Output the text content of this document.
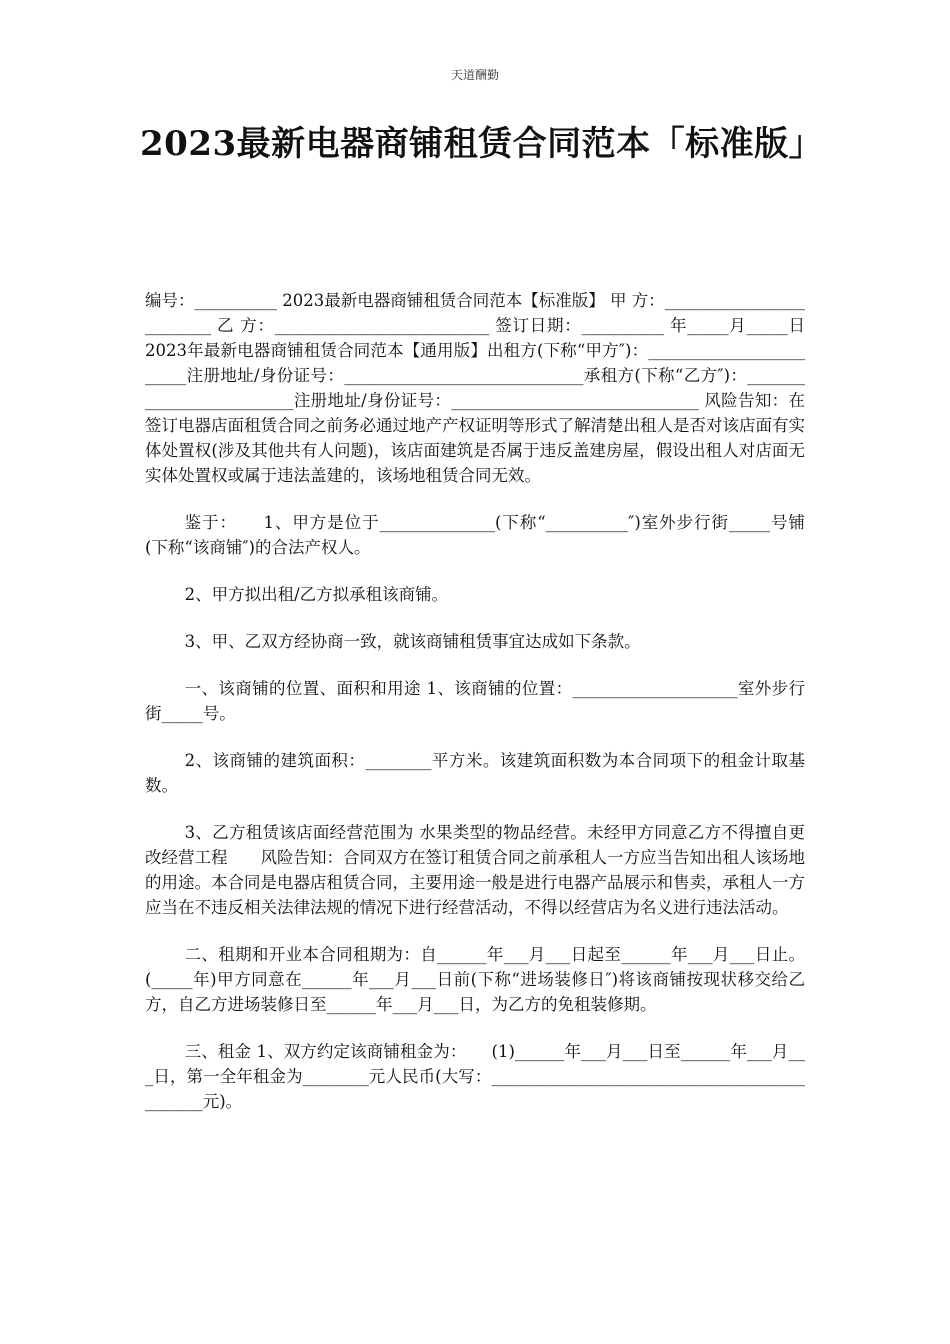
天道酬勤
2023最新电器商铺租赁合同范本「标准版」

编号：__________ 2023最新电器商铺租赁合同范本【标准版】 甲 方：_________________________ 乙 方：__________________________ 签订日期：__________ 年_____月_____日 2023年最新电器商铺租赁合同范本【通用版】出租方(下称“甲方″)：________________________注册地址/身份证号：_____________________________承租方(下称“乙方″)：_________________________注册地址/身份证号：______________________________ 风险告知：在签订电器店面租赁合同之前务必通过地产产权证明等形式了解清楚出租人是否对该店面有实体处置权(涉及其他共有人问题)，该店面建筑是否属于违反盖建房屋，假设出租人对店面无实体处置权或属于违法盖建的，该场地租赁合同无效。

鉴于：　　1、甲方是位于______________(下称“__________″)室外步行街_____号铺(下称“该商铺″)的合法产权人。

2、甲方拟出租/乙方拟承租该商铺。

3、甲、乙双方经协商一致，就该商铺租赁事宜达成如下条款。

一、该商铺的位置、面积和用途 1、该商铺的位置：____________________室外步行街_____号。

2、该商铺的建筑面积：________平方米。该建筑面积数为本合同项下的租金计取基数。

3、乙方租赁该店面经营范围为 水果类型的物品经营。未经甲方同意乙方不得擅自更改经营工程　　风险告知：合同双方在签订租赁合同之前承租人一方应当告知出租人该场地的用途。本合同是电器店租赁合同，主要用途一般是进行电器产品展示和售卖，承租人一方应当在不违反相关法律法规的情况下进行经营活动，不得以经营店为名义进行违法活动。

二、租期和开业本合同租期为：自______年___月___日起至______年___月___日止。(_____年)甲方同意在______年___月___日前(下称“进场装修日″)将该商铺按现状移交给乙方，自乙方进场装修日至______年___月___日，为乙方的免租装修期。

三、租金 1、双方约定该商铺租金为：　　(1)______年___月___日至______年___月___日，第一全年租金为________元人民币(大写：_____________________________________________元)。
